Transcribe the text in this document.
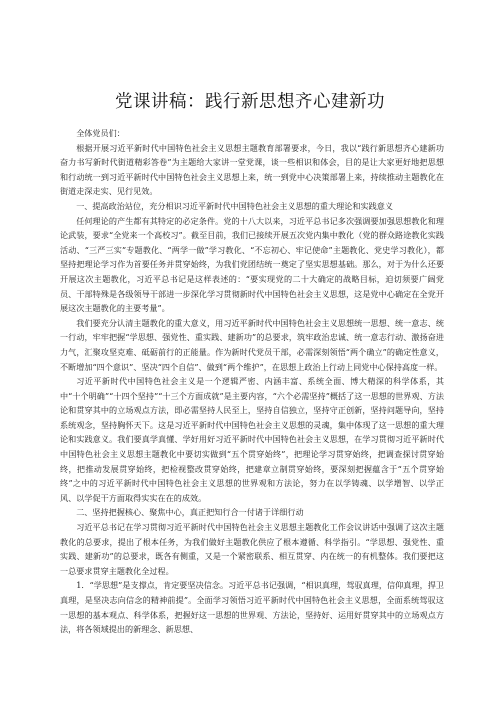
党课讲稿：践行新思想齐心建新功

全体党员们：

根据开展习近平新时代中国特色社会主义思想主题教育部署要求，今日，我以“践行新思想齐心建新功奋力书写新时代街道精彩答卷”为主题给大家讲一堂党课，谈一些相识和体会，目的是让大家更好地把思想和行动统一到习近平新时代中国特色社会主义思想上来，统一到党中心决策部署上来，持续推动主题教化在街道走深走实、见行见效。

一、提高政治站位，充分相识习近平新时代中国特色社会主义思想的重大理论和实践意义

任何理论的产生都有其特定的必定条件。党的十八大以来，习近平总书记多次强调要加强思想教化和理论武装，要求“全党来一个高校习”。截至目前，我们已接续开展五次党内集中教化（党的群众路途教化实践活动、“三严三实”专题教化、“两学一做”学习教化、“不忘初心、牢记使命”主题教化、党史学习教化），都坚持把理论学习作为首要任务并贯穿始终，为我们党团结统一奠定了坚实思想基础。那么，对于为什么还要开展这次主题教化，习近平总书记是这样表述的：“要实现党的二十大确定的战略目标，迫切须要广阔党员、干部特殊是各级领导干部进一步深化学习贯彻新时代中国特色社会主义思想，这是党中心确定在全党开展这次主题教化的主要考量”。

我们要充分认清主题教化的重大意义，用习近平新时代中国特色社会主义思想统一思想、统一意志、统一行动，牢牢把握“学思想、强党性、重实践、建新功”的总要求，筑牢政治忠诚、统一意志行动、激扬奋进力气，汇聚攻坚克难、砥砺前行的正能量。作为新时代党员干部，必需深刻领悟“两个确立”的确定性意义，不断增加“四个意识”、坚决“四个自信”、做到“两个维护”，在思想上政治上行动上同党中心保持高度一样。

习近平新时代中国特色社会主义是一个逻辑严密、内涵丰富、系统全面、博大精深的科学体系，其中“十个明确”“十四个坚持”“十三个方面成就”是主要内容，“六个必需坚持”概括了这一思想的世界观、方法论和贯穿其中的立场观点方法，即必需坚持人民至上，坚持自信独立，坚持守正创新，坚持问题导向，坚持系统观念，坚持胸怀天下。这是习近平新时代中国特色社会主义思想的灵魂，集中体现了这一思想的重大理论和实践意义。我们要真学真懂、学好用好习近平新时代中国特色社会主义思想，在学习贯彻习近平新时代中国特色社会主义思想主题教化中要切实做到“五个贯穿始终”，把理论学习贯穿始终，把调查探讨贯穿始终，把推动发展贯穿始终，把检视整改贯穿始终，把建章立制贯穿始终，要深刻把握蕴含于“五个贯穿始终”之中的习近平新时代中国特色社会主义思想的世界观和方法论，努力在以学铸魂、以学增智、以学正风、以学促干方面取得实实在在的成效。

二、坚持把握核心、聚焦中心，真正把知行合一付诸于详细行动

习近平总书记在学习贯彻习近平新时代中国特色社会主义思想主题教化工作会议讲话中强调了这次主题教化的总要求，提出了根本任务，为我们做好主题教化供应了根本遵循、科学指引。“学思想、强党性、重实践、建新功”的总要求，既各有侧重，又是一个紧密联系、相互贯穿、内在统一的有机整体。我们要把这一总要求贯穿主题教化全过程。

1．“学思想”是支撑点，肯定要坚决信念。习近平总书记强调，“相识真理，驾驭真理，信仰真理，捍卫真理，是坚决志向信念的精神前提”。全面学习领悟习近平新时代中国特色社会主义思想，全面系统驾驭这一思想的基本观点、科学体系，把握好这一思想的世界观、方法论，坚持好、运用好贯穿其中的立场观点方法，将各领域提出的新理念、新思想、
